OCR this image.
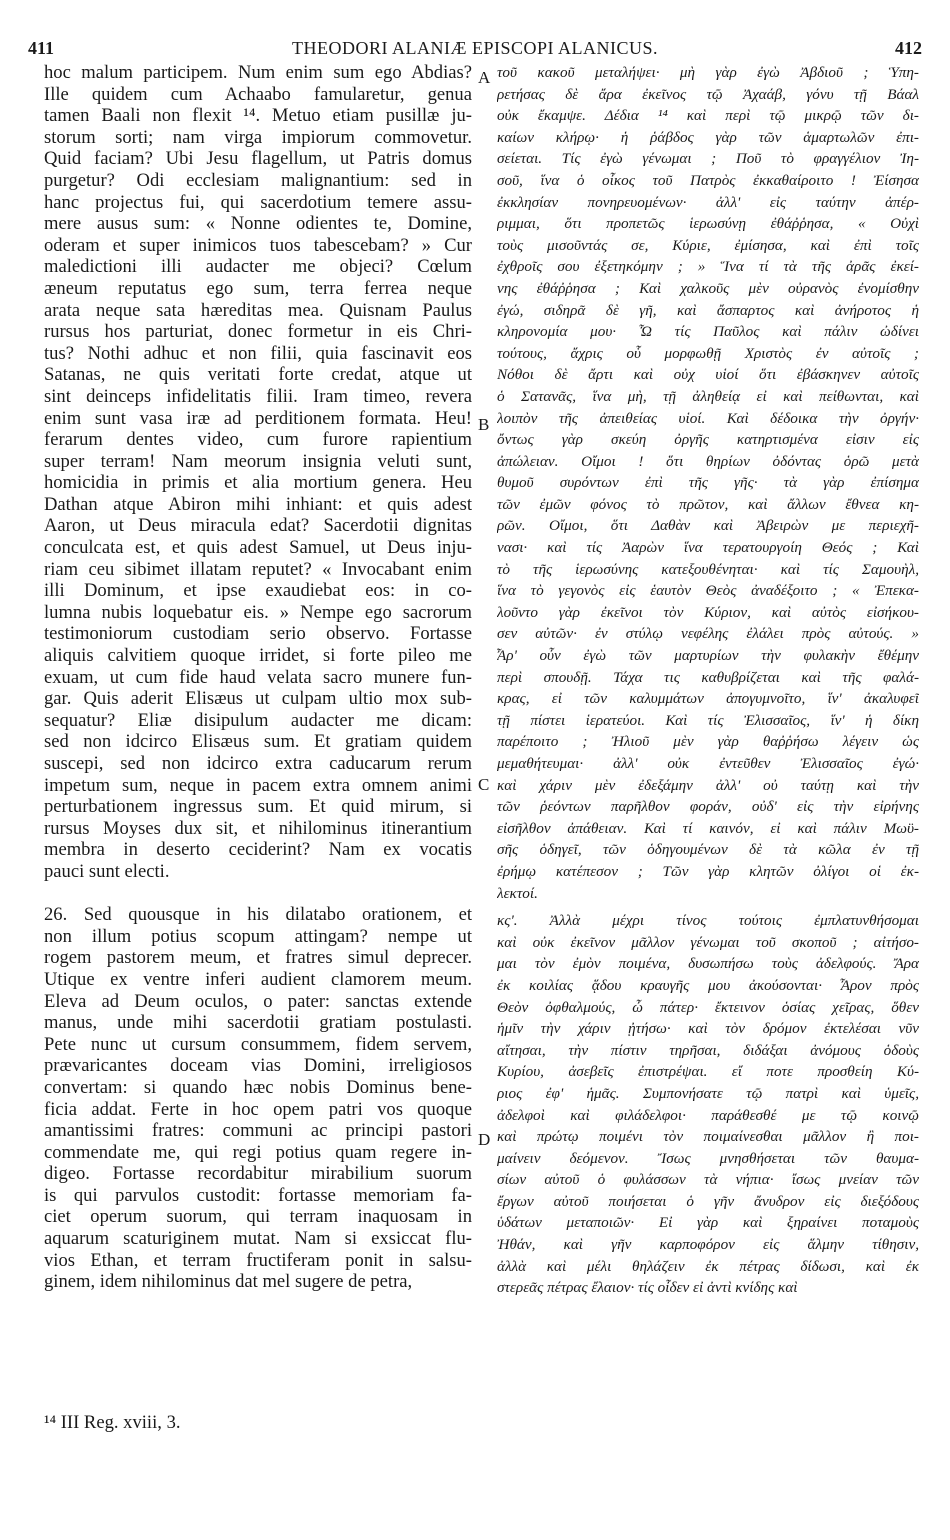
411	THEODORI ALANIÆ EPISCOPI ALANICUS.	412
hoc malum participem. Num enim sum ego Abdias?
Ille quidem cum Achaabo famularetur, genua
tamen Baali non flexit ¹⁴. Metuo etiam pusillæ ju-
storum sorti; nam virga impiorum commovetur.
Quid faciam? Ubi Jesu flagellum, ut Patris domus
purgetur? Odi ecclesiam malignantium: sed in
hanc projectus fui, qui sacerdotium temere assu-
mere ausus sum: « Nonne odientes te, Domine,
oderam et super inimicos tuos tabescebam? » Cur
maledictioni illi audacter me objeci? Cœlum
æneum reputatus ego sum, terra ferrea neque
arata neque sata hæreditas mea. Quisnam Paulus
rursus hos parturiat, donec formetur in eis Chri-
tus? Nothi adhuc et non filii, quia fascinavit eos
Satanas, ne quis veritati forte credat, atque ut
sint deinceps infidelitatis filii. Iram timeo, revera
enim sunt vasa iræ ad perditionem formata. Heu!
ferarum dentes video, cum furore rapientium
super terram! Nam meorum insignia veluti sunt,
homicidia in primis et alia mortium genera. Heu
Dathan atque Abiron mihi inhiant: et quis adest
Aaron, ut Deus miracula edat? Sacerdotii dignitas
conculcata est, et quis adest Samuel, ut Deus inju-
riam ceu sibimet illatam reputet? « Invocabant enim
illi Dominum, et ipse exaudiebat eos: in co-
lumna nubis loquebatur eis. » Nempe ego sacrorum
testimoniorum custodiam serio observo. Fortasse
aliquis calvitiem quoque irridet, si forte pileo me
exuam, ut cum fide haud velata sacro munere fun-
gar. Quis aderit Elisæus ut culpam ultio mox sub-
sequatur? Eliæ disipulum audacter me dicam:
sed non idcirco Elisæus sum. Et gratiam quidem
suscepi, sed non idcirco extra caducarum rerum
impetum sum, neque in pacem extra omnem animi
perturbationem ingressus sum. Et quid mirum, si
rursus Moyses dux sit, et nihilominus itinerantium
membra in deserto ceciderint? Nam ex vocatis
pauci sunt electi.
26. Sed quousque in his dilatabo orationem, et
non illum potius scopum attingam? nempe ut
rogem pastorem meum, et fratres simul deprecer.
Utique ex ventre inferi audient clamorem meum.
Eleva ad Deum oculos, o pater: sanctas extende
manus, unde mihi sacerdotii gratiam postulasti.
Pete nunc ut cursum consummem, fidem servem,
prævaricantes doceam vias Domini, irreligiosos
convertam: si quando hæc nobis Dominus bene-
ficia addat. Ferte in hoc opem patri vos quoque
amantissimi fratres: communi ac principi pastori
commendate me, qui regi potius quam regere in-
digeo. Fortasse recordabitur mirabilium suorum
is qui parvulos custodit: fortasse memoriam fa-
ciet operum suorum, qui terram inaquosam in
aquarum scaturiginem mutat. Nam si exsiccat flu-
vios Ethan, et terram fructiferam ponit in salsu-
ginem, idem nihilominus dat mel sugere de petra,
τοῦ κακοῦ μεταλήψει· μὴ γὰρ ἐγὼ Ἀβδιοῦ ; Ὑπη-
ρετήσας δὲ ἄρα ἐκεῖνος τῷ Ἀχαάβ, γόνυ τῇ Βάαλ
οὐκ ἔκαμψε. Δέδια ¹⁴ καὶ περὶ τῷ μικρῷ τῶν δι-
καίων κλήρῳ· ἡ ῥάβδος γὰρ τῶν ἁμαρτωλῶν ἐπι-
σείεται. Τίς ἐγὼ γένωμαι ; Ποῦ τὸ φραγγέλιον Ἰη-
σοῦ, ἵνα ὁ οἶκος τοῦ Πατρὸς ἐκκαθαίροιτο ! Ἐίσησα
ἐκκλησίαν πονηρευομένων· ἀλλ' εἰς ταύτην ἀπέρ-
ριμμαι, ὅτι προπετῶς ἱερωσύνῃ ἐθάῤῥησα, « Οὐχὶ
τοὺς μισοῦντάς σε, Κύριε, ἐμίσησα, καὶ ἐπὶ τοῖς
ἐχθροῖς σου ἐξετηκόμην ; » Ἵνα τί τὰ τῆς ἀρᾶς ἐκεί-
νης ἐθάῤῥησα ; Καὶ χαλκοῦς μὲν οὐρανὸς ἐνομίσθην
ἐγώ, σιδηρᾶ δὲ γῆ, καὶ ἄσπαρτος καὶ ἀνήροτος ἡ
κληρονομία μου· Ὦ τίς Παῦλος καὶ πάλιν ὠδίνει
τούτους, ἄχρις οὗ μορφωθῇ Χριστὸς ἐν αὐτοῖς ;
Νόθοι δὲ ἄρτι καὶ οὐχ υἱοί ὅτι ἐβάσκηνεν αὐτοῖς
ὁ Σατανᾶς, ἵνα μὴ, τῇ ἀληθείᾳ εἰ καὶ πείθωνται, καὶ
λοιπὸν τῆς ἀπειθείας υἱοί. Καὶ δέδοικα τὴν ὀργήν·
ὄντως γὰρ σκεύη ὀργῆς κατηρτισμένα εἰσιν εἰς
ἀπώλειαν. Οἴμοι ! ὅτι θηρίων ὀδόντας ὁρῶ μετὰ
θυμοῦ συρόντων ἐπὶ τῆς γῆς· τὰ γὰρ ἐπίσημα
τῶν ἐμῶν φόνος τὸ πρῶτον, καὶ ἄλλων ἔθνεα κη-
ρῶν. Οἴμοι, ὅτι Δαθὰν καὶ Ἀβειρὼν με περιεχῆ-
νασι· καὶ τίς Ἀαρὼν ἵνα τερατουργοίη Θεός ; Καὶ
τὸ τῆς ἱερωσύνης κατεξουθένηται· καὶ τίς Σαμουὴλ,
ἵνα τὸ γεγονὸς εἰς ἑαυτὸν Θεὸς ἀναδέξοιτο ; « Ἐπεκα-
λοῦντο γὰρ ἐκεῖνοι τὸν Κύριον, καὶ αὐτὸς εἰσήκου-
σεν αὐτῶν· ἐν στύλῳ νεφέλης ἐλάλει πρὸς αὐτούς. »
Ἆρ' οὖν ἐγὼ τῶν μαρτυρίων τὴν φυλακὴν ἔθέμην
περὶ σπουδῇ. Τάχα τις καθυβρίζεται καὶ τῆς φαλά-
κρας, εἰ τῶν καλυμμάτων ἀπογυμνοῖτο, ἵν' ἀκαλυφεῖ
τῇ πίστει ἱερατεύοι. Καὶ τίς Ἐλισσαῖος, ἵν' ἡ δίκη
παρέποιτο ; Ἠλιοῦ μὲν γὰρ θαῤῥήσω λέγειν ὡς
μεμαθήτευμαι· ἀλλ' οὐκ ἐντεῦθεν Ἐλισσαῖος ἐγώ·
καὶ χάριν μὲν ἐδεξάμην ἀλλ' οὐ ταύτῃ καὶ τὴν
τῶν ῥεόντων παρῆλθον φοράν, οὐδ' εἰς τὴν εἰρήνης
εἰσῆλθον ἀπάθειαν. Καὶ τί καινόν, εἰ καὶ πάλιν Μωϋ-
σῆς ὁδηγεῖ, τῶν ὁδηγουμένων δὲ τὰ κῶλα ἐν τῇ
ἐρήμῳ κατέπεσον ; Τῶν γὰρ κλητῶν ὀλίγοι οἱ ἐκ-
λεκτοί.
κς'. Ἀλλὰ μέχρι τίνος τούτοις ἐμπλατυνθήσομαι
καὶ οὐκ ἐκεῖνον μᾶλλον γένωμαι τοῦ σκοποῦ ; αἰτήσο-
μαι τὸν ἐμὸν ποιμένα, δυσωπήσω τοὺς ἀδελφούς. Ἄρα
ἐκ κοιλίας ᾅδου κραυγῆς μου ἀκούσονται· Ἆρον πρὸς
Θεὸν ὀφθαλμούς, ὦ πάτερ· ἔκτεινον ὁσίας χεῖρας, ὅθεν
ἡμῖν τὴν χάριν ᾐτήσω· καὶ τὸν δρόμον ἐκτελέσαι νῦν
αἴτησαι, τὴν πίστιν τηρῆσαι, διδάξαι ἀνόμους ὁδοὺς
Κυρίου, ἀσεβεῖς ἐπιστρέψαι. εἴ ποτε προσθείη Κύ-
ριος ἐφ' ἡμᾶς. Συμπονήσατε τῷ πατρὶ καὶ ὑμεῖς,
ἀδελφοὶ καὶ φιλάδελφοι· παράθεσθέ με τῷ κοινῷ
καὶ πρώτῳ ποιμένι τὸν ποιμαίνεσθαι μᾶλλον ἢ ποι-
μαίνειν δεόμενον. Ἴσως μνησθήσεται τῶν θαυμα-
σίων αὐτοῦ ὁ φυλάσσων τὰ νήπια· ἴσως μνείαν τῶν
ἔργων αὐτοῦ ποιήσεται ὁ γῆν ἄνυδρον εἰς διεξόδους
ὑδάτων μεταποιῶν· Εἰ γὰρ καὶ ξηραίνει ποταμοὺς
Ἠθάν, καὶ γῆν καρποφόρον εἰς ἅλμην τίθησιν,
ἀλλὰ καὶ μέλι θηλάζειν ἐκ πέτρας δίδωσι, καὶ ἐκ
στερεᾶς πέτρας ἔλαιον· τίς οἶδεν εἰ ἀντὶ κνίδης καὶ
A
B
C
D
¹⁴ III Reg. xviii, 3.
